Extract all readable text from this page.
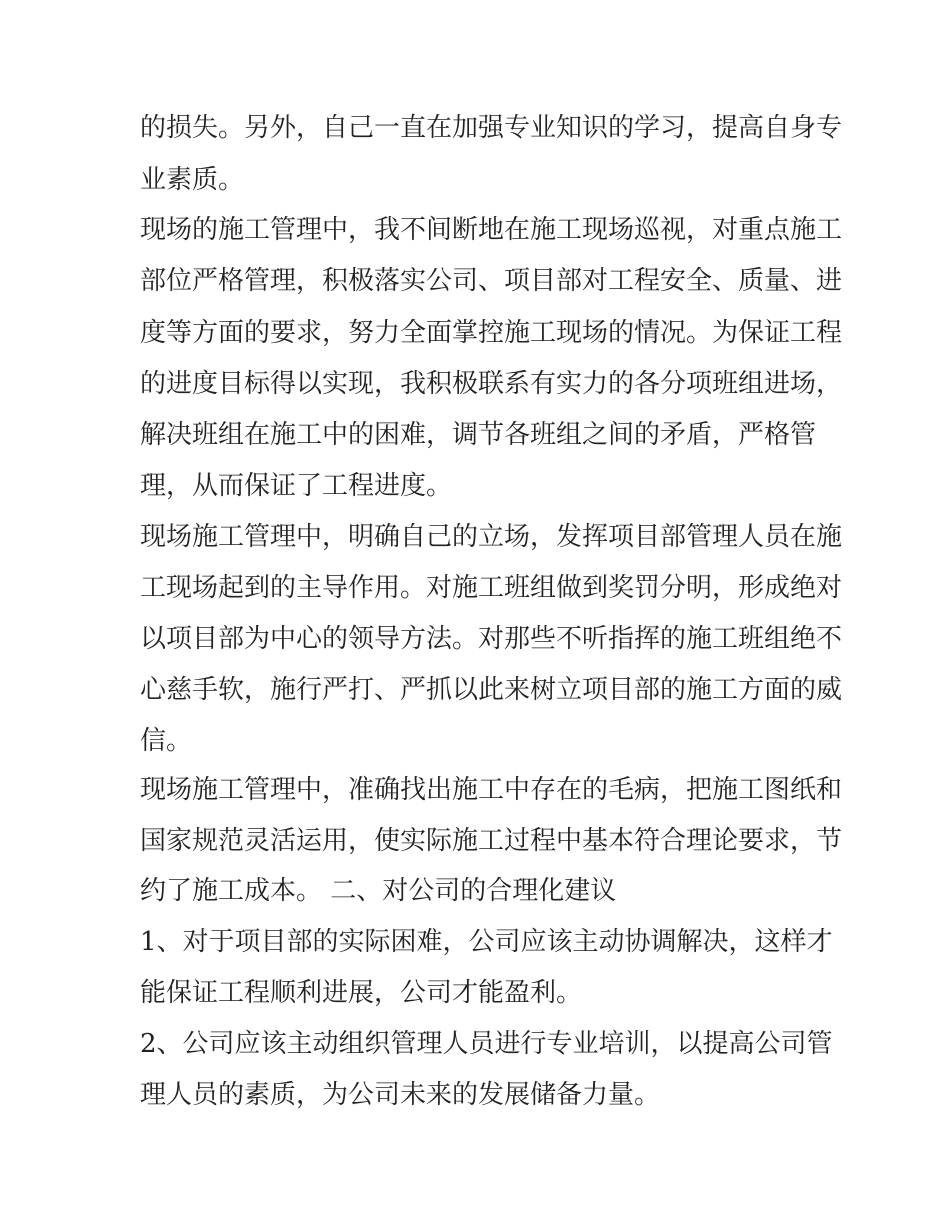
的损失。另外，自己一直在加强专业知识的学习，提高自身专
业素质。
现场的施工管理中，我不间断地在施工现场巡视，对重点施工
部位严格管理，积极落实公司、项目部对工程安全、质量、进
度等方面的要求，努力全面掌控施工现场的情况。为保证工程
的进度目标得以实现，我积极联系有实力的各分项班组进场，
解决班组在施工中的困难，调节各班组之间的矛盾，严格管
理，从而保证了工程进度。
现场施工管理中，明确自己的立场，发挥项目部管理人员在施
工现场起到的主导作用。对施工班组做到奖罚分明，形成绝对
以项目部为中心的领导方法。对那些不听指挥的施工班组绝不
心慈手软，施行严打、严抓以此来树立项目部的施工方面的威
信。
现场施工管理中，准确找出施工中存在的毛病，把施工图纸和
国家规范灵活运用，使实际施工过程中基本符合理论要求，节
约了施工成本。 二、对公司的合理化建议
1、对于项目部的实际困难，公司应该主动协调解决，这样才
能保证工程顺利进展，公司才能盈利。
2、公司应该主动组织管理人员进行专业培训，以提高公司管
理人员的素质，为公司未来的发展储备力量。
